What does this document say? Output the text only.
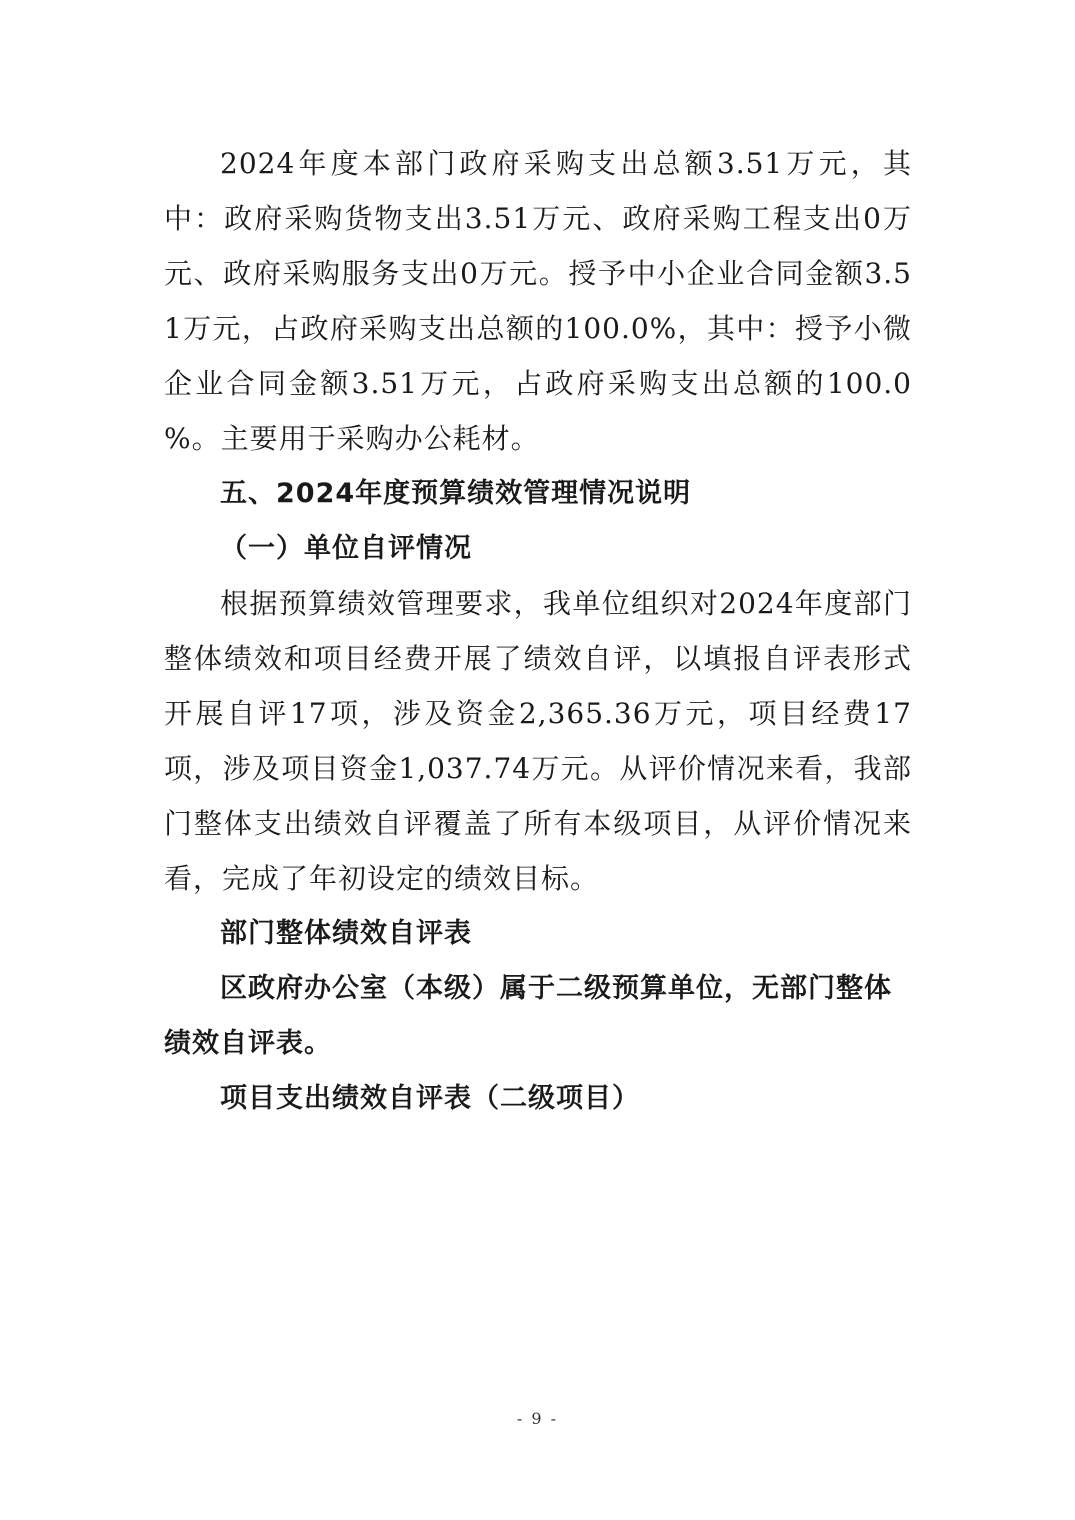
2024年度本部门政府采购支出总额3.51万元，其中：政府采购货物支出3.51万元、政府采购工程支出0万元、政府采购服务支出0万元。授予中小企业合同金额3.51万元，占政府采购支出总额的100.0%，其中：授予小微企业合同金额3.51万元，占政府采购支出总额的100.0 %。主要用于采购办公耗材。

五、2024年度预算绩效管理情况说明

（一）单位自评情况

根据预算绩效管理要求，我单位组织对2024年度部门整体绩效和项目经费开展了绩效自评，以填报自评表形式开展自评17项，涉及资金2,365.36万元，项目经费17项，涉及项目资金1,037.74万元。从评价情况来看，我部门整体支出绩效自评覆盖了所有本级项目，从评价情况来看，完成了年初设定的绩效目标。

部门整体绩效自评表

区政府办公室（本级）属于二级预算单位，无部门整体绩效自评表。

项目支出绩效自评表（二级项目）

- 9 -
